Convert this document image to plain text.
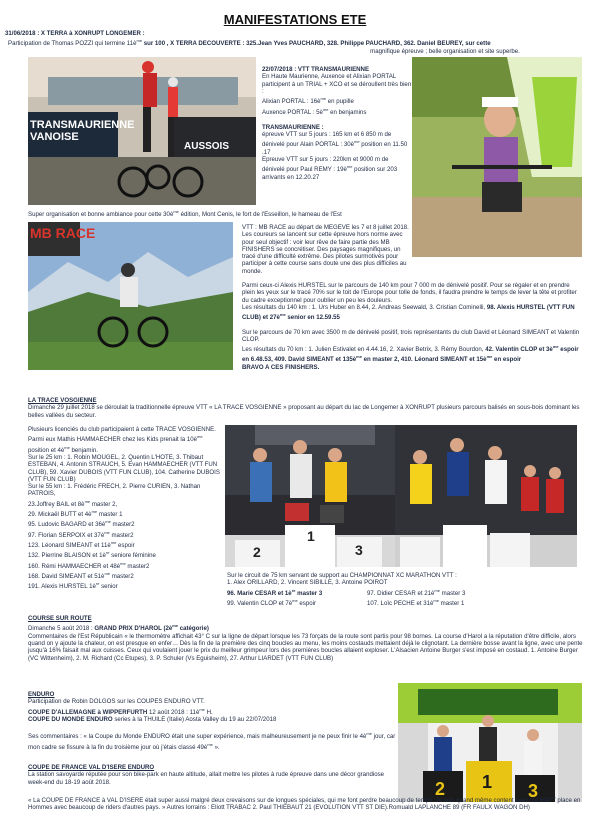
MANIFESTATIONS ETE

31/06/2018 : X TERRA à XONRUPT LONGEMER :

Participation de Thomas POZZI qui termine $11è^{me}$ sur 100 , X TERRA DECOUVERTE : 325.Jean Yves PAUCHARD, 328. Philippe PAUCHARD, 362. Daniel BEUREY, sur cette

magnifique épreuve ; belle organisation et site superbe.

TRANSMAURIENNE VANOISE
AUSSOIS

22/07/2018 : VTT TRANSMAURIENNE

En Haute Maurienne, Auxence et Alixian PORTAL participent à un TRIAL + XCO et se déroulIent très bien :

Alixian PORTAL : $16è^{me}$ en pupille

Auxence PORTAL : $5è^{me}$ en benjamins

TRANSMAURIENNE :

épreuve VTT sur 5 jours : 165 km et 6 850 m de dénivelé pour Alain PORTAL : $30è^{me}$ position en 11.50 .17

Epreuve VTT sur 5 jours : 220km et 9000 m de dénivelé pour Paul REMY : $19è^{me}$ position sur 203 arrivants en 12.20.27

Super organisation et bonne ambiance pour cette $30è^{me}$ édition, Mont Cenis, le fort de l'Esseillon, le hameau de l'Est

MB RACE	VTT : MB RACE au départ de MEGEVE les 7 et 8 juillet 2018. Les coureurs se lancent sur cette épreuve hors norme avec pour seul objectif : voir leur rêve de faire partie des MB FINISHERS se concrétiser. Des paysages magnifiques, un tracé d'une difficulté extrême. Des pilotes surmotivés pour participer à cette course sans doute une des plus difficiles au monde.

Parmi ceux-ci Alexis HURSTEL sur le parcours de 140 km pour 7 000 m de dénivelé positif. Pour se régaler et en prendre plein les yeux sur le tracé 70% sur le toit de l'Europe pour tolle de fonds, il faudra prendre le temps de lever la tête et profiter du cadre exceptionnel pour oublier un peu les douleurs.

Les résultats du 140 km : 1. Urs Huber en 8.44, 2. Andreas Seewald, 3. Cristian Cominelli, 98. Alexis HURSTEL (VTT FUN CLUB) et $27è^{me}$ senior en 12.59.55

Sur le parcours de 70 km avec 3500 m de dénivelé positif, trois représentants du club David et Léonard SIMEANT et Valentin CLOP.

Les résultats du 70 km : 1. Julien Estivalet en 4.44.16, 2. Xavier Betrix, 3. Rémy Bourdon, 42. Valentin CLOP et $3è^{me}$ espoir en 6.48.53, 409. David SIMEANT et $135è^{me}$ en master 2, 410. Léonard SIMEANT et $15è^{me}$ en espoir

BRAVO A CES FINISHERS.

LA TRACE VOSGIENNE

Dimanche 29 juillet 2018 se déroulait la traditionnelle épreuve VTT « LA TRACE VOSGIENNE » proposant au départ du lac de Longemer à XONRUPT plusieurs parcours balisés en sous-bois dominant les belles vallées du secteur.

Plusieurs licenciés du club participaient à cette TRACE VOSGIENNE.

Parmi eux Mathis HAMMAECHER chez les Kids prenait la $10è^{me}$ position et $4è^{me}$ benjamin.

Sur le 25 km : 1. Robin MOUGEL, 2. Quentin L'HOTE, 3. Thibaut ESTEBAN, 4. Antonin STRAUCH, 5. Evan HAMMAECHER (VTT FUN CLUB), 59. Xavier DUBOIS (VTT FUN CLUB), 104. Catherine DUBOIS (VTT FUN CLUB)

Sur le 55 km : 1. Frédéric FRECH, 2. Pierre CURIEN, 3. Nathan PATROIS,

23.Joffrey BAIL et $8è^{me}$ master 2,

29. Mickaël BUTT et $4è^{me}$ master 1

95. Ludovic BAGARD et $36è^{me}$ master2

97. Florian SERPOIX et $37è^{me}$ master2

123. Léonard SIMEANT et $11è^{me}$ espoir

132. Pierrine BLAISON et $1è^{re}$ seniore féminine

160. Rémi HAMMAECHER et $48è^{me}$ master2

168. David SIMEANT et $51è^{me}$ master2

191. Alexis HURSTEL $1è^{re}$ senior

1
2	3

Sur le circuit de 75 km servant de support au CHAMPIONNAT XC MARATHON VTT :

1. Alex ORILLARD, 2. Vincent SIBILLE, 3. Antoine POIROT

96. Marie CESAR et $1è^{re}$ master 3	97. Didier CESAR et $21è^{me}$ master 3

99. Valentin CLOP et $7è^{me}$ espoir	107. Loïc PECHE et $31è^{me}$ master 1

COURSE SUR ROUTE

Dimanche 5 août 2018 : GRAND PRIX D'HAROL ($2è^{me}$ catégorie)

Commentaires de l'Est Républicain « le thermomètre affichait 43° C sur la ligne de départ lorsque les 73 forçats de la route sont partis pour 98 bornes. La course d'Harol a la réputation d'être difficile, alors quand on y ajoute la chaleur, on est presque en enfer… Dès la fin de la première des cinq boucles au menu, les moins costauds mettaient déjà le clignotant. La dernière bosse avant la ligne, avec une pente jusqu'à 16% faisait mal aux cuisses. Ceux qui voulaient jouer le prix du meilleur grimpeur lors des premières boucles allaient exploser. L'Alsacien Antoine Burger s'est imposé en costaud. 1. Antoine Burger (VC Wittenheim), 2. M. Richard (Cc Etupes), 3. P. Schuler (Vs Eguisheim), 27. Arthur LIARDET (VTT FUN CLUB)

ENDURO

Participation de Robin DOLGOS sur les COUPES ENDURO VTT.

COUPE D'ALLEMAGNE à WIPPERFURTH 12 août 2018 : $11è^{me}$ H.

COUPE DU MONDE ENDURO series à la THUILE (Italie) Aosta Valley du 19 au 22/07/2018

Ses commentaires : « la Coupe du Monde ENDURO était une super expérience, mais malheureusement je ne peux finir le $4è^{me}$ jour, car mon cadre se fissure à la fin du troisième jour où j'étais classé $49è^{me}$ ».

1
2	3

COUPE DE FRANCE VAL D'ISERE ENDURO

La station savoyarde réputée pour son bike-park en haute altitude, allait mettre les pilotes à rude épreuve dans une décor grandiose week-end du 18-19 août 2018.

« La COUPE DE FRANCE à VAL D'ISERE était super aussi malgré deux crevaisons sur de longues spéciales, qui me font perdre beaucoup de temps. Je suis quand même content avec ma $69è^{me}$ place en Hommes avec beaucoup de riders d'autres pays. » Autres lorrains : Eliott TRABAC 2. Paul THIEBAUT 21 (EVOLUTION VTT ST DIE).Romuald LAPLANCHE 89 (FR FAULX WAGON DH)
